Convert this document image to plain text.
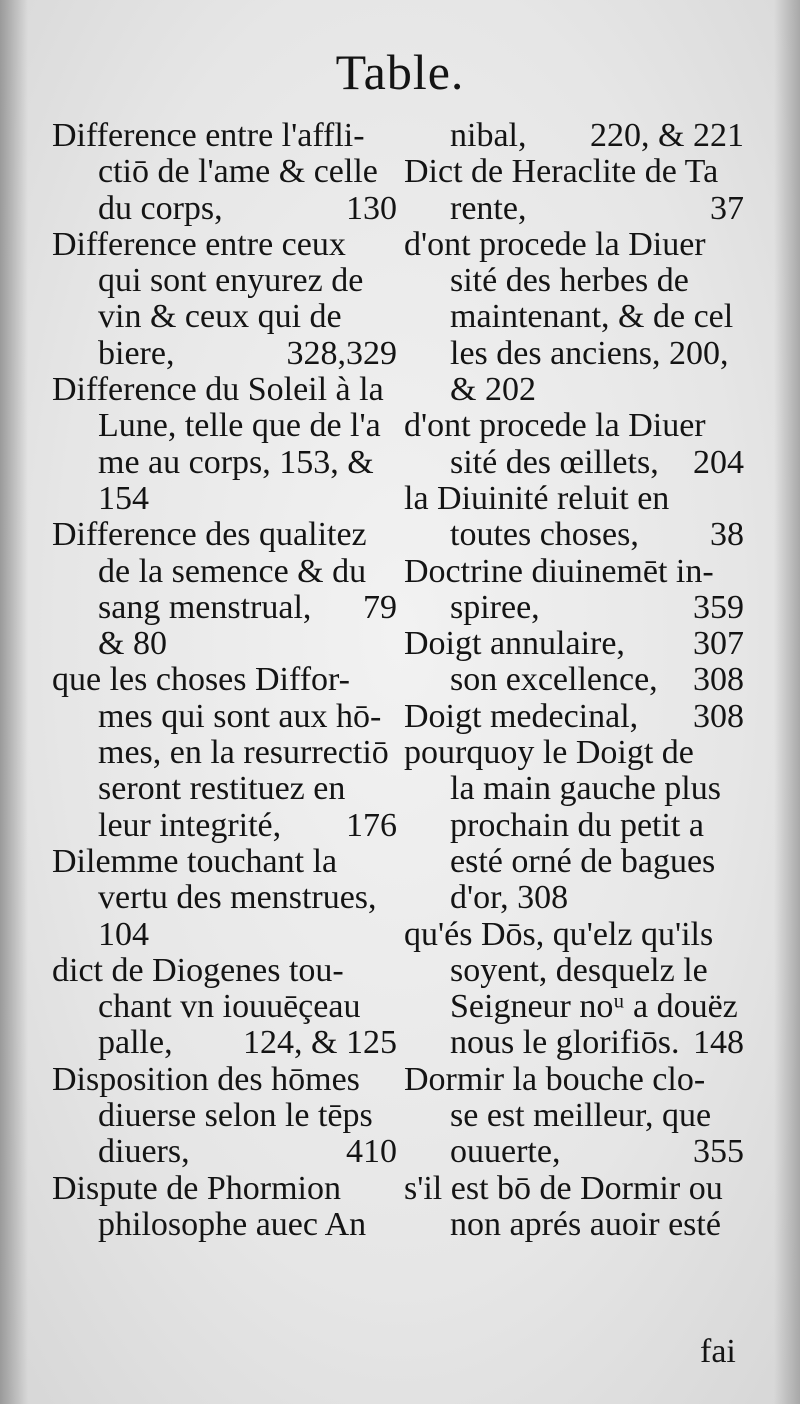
Table.
Difference entre l'affli-
ctiō de l'ame & celle
130
du corps,
Difference entre ceux
qui sont enyurez de
vin & ceux qui de
328,329
biere,
Difference du Soleil à la
Lune, telle que de l'a
me au corps, 153, &
154
Difference des qualitez
de la semence & du
79
sang menstrual,
& 80
que les choses Diffor-
mes qui sont aux hō-
mes, en la resurrectiō
seront restituez en
176
leur integrité,
Dilemme touchant la
vertu des menstrues,
104
dict de Diogenes tou-
chant vn iouuēçeau
124, & 125
palle,
Disposition des hōmes
diuerse selon le tēps
410
diuers,
Dispute de Phormion
philosophe auec An
220, & 221
nibal,
Dict de Heraclite de Ta
37
rente,
d'ont procede la Diuer
sité des herbes de
maintenant, & de cel
les des anciens, 200,
& 202
d'ont procede la Diuer
204
sité des œillets,
la Diuinité reluit en
38
toutes choses,
Doctrine diuinemēt in-
359
spiree,
307
Doigt annulaire,
308
son excellence,
308
Doigt medecinal,
pourquoy le Doigt de
la main gauche plus
prochain du petit a
esté orné de bagues
d'or, 308
qu'és Dōs, qu'elz qu'ils
soyent, desquelz le
Seigneur noᵘ a douëz
148
nous le glorifiōs.
Dormir la bouche clo-
se est meilleur, que
355
ouuerte,
s'il est bō de Dormir ou
non aprés auoir esté
fai
